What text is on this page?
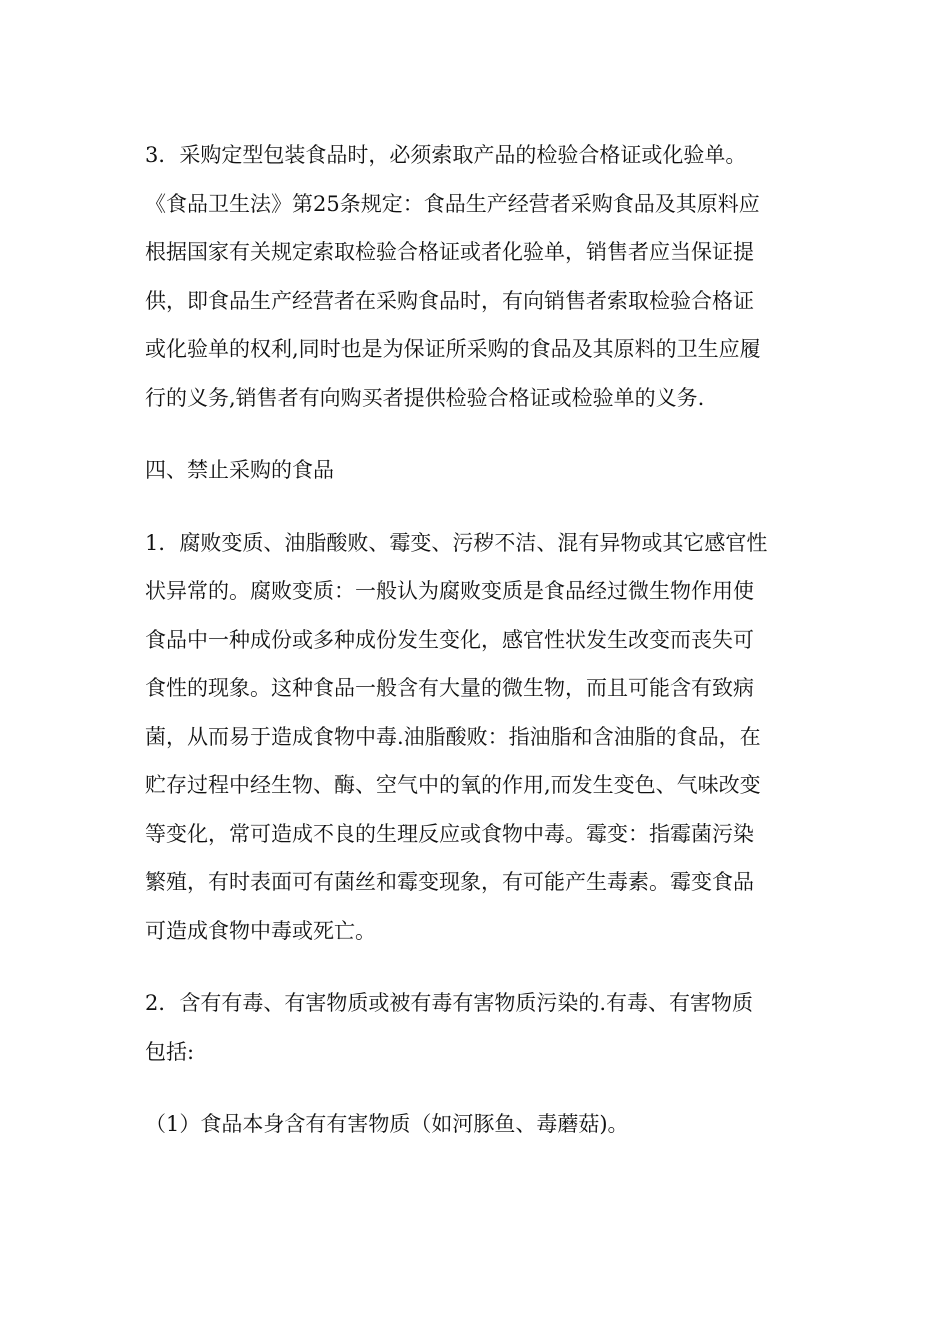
3．采购定型包装食品时，必须索取产品的检验合格证或化验单。
《食品卫生法》第25条规定：食品生产经营者采购食品及其原料应
根据国家有关规定索取检验合格证或者化验单，销售者应当保证提
供，即食品生产经营者在采购食品时，有向销售者索取检验合格证
或化验单的权利,同时也是为保证所采购的食品及其原料的卫生应履
行的义务,销售者有向购买者提供检验合格证或检验单的义务.

四、禁止采购的食品

1．腐败变质、油脂酸败、霉变、污秽不洁、混有异物或其它感官性
状异常的。腐败变质：一般认为腐败变质是食品经过微生物作用使
食品中一种成份或多种成份发生变化，感官性状发生改变而丧失可
食性的现象。这种食品一般含有大量的微生物，而且可能含有致病
菌，从而易于造成食物中毒.油脂酸败：指油脂和含油脂的食品，在
贮存过程中经生物、酶、空气中的氧的作用,而发生变色、气味改变
等变化，常可造成不良的生理反应或食物中毒。霉变：指霉菌污染
繁殖，有时表面可有菌丝和霉变现象，有可能产生毒素。霉变食品
可造成食物中毒或死亡。

2．含有有毒、有害物质或被有毒有害物质污染的.有毒、有害物质
包括:

（1）食品本身含有有害物质（如河豚鱼、毒蘑菇)。
